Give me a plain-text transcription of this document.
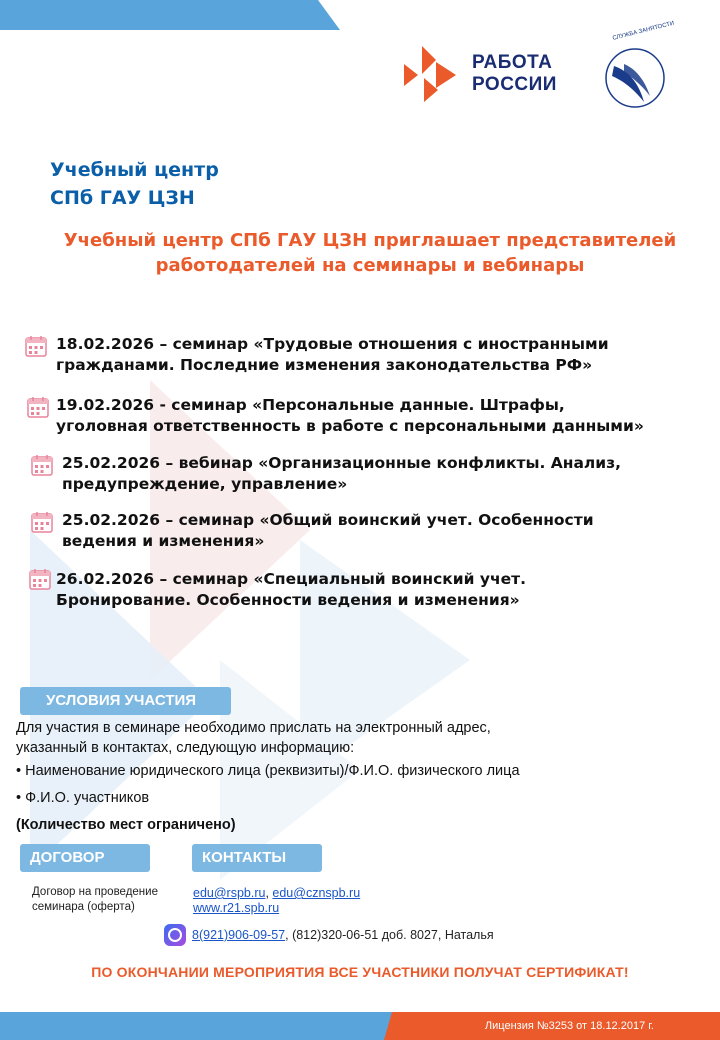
РАБОТА
РОССИИ
СЛУЖБА ЗАНЯТОСТИ
Учебный центр
СПб ГАУ ЦЗН
Учебный центр СПб ГАУ ЦЗН приглашает представителей
работодателей на семинары и вебинары
18.02.2026 – семинар «Трудовые отношения с иностранными
гражданами. Последние изменения законодательства РФ»
19.02.2026 - семинар «Персональные данные. Штрафы,
уголовная ответственность в работе с персональными данными»
25.02.2026 – вебинар «Организационные конфликты. Анализ,
предупреждение, управление»
25.02.2026 – семинар «Общий воинский учет. Особенности
ведения и изменения»
26.02.2026 – семинар «Специальный воинский учет.
Бронирование. Особенности ведения и изменения»
УСЛОВИЯ УЧАСТИЯ
Для участия в семинаре необходимо прислать на электронный адрес,
указанный в контактах, следующую информацию:
• Наименование юридического лица (реквизиты)/Ф.И.О. физического лица
• Ф.И.О. участников
(Количество мест ограничено)
ДОГОВОР	КОНТАКТЫ
Договор на проведение
семинара (оферта)
edu@rspb.ru, edu@cznspb.ru
www.r21.spb.ru
8(921)906-09-57, (812)320-06-51 доб. 8027, Наталья
ПО ОКОНЧАНИИ МЕРОПРИЯТИЯ ВСЕ УЧАСТНИКИ ПОЛУЧАТ СЕРТИФИКАТ!
Лицензия №3253 от 18.12.2017 г.
